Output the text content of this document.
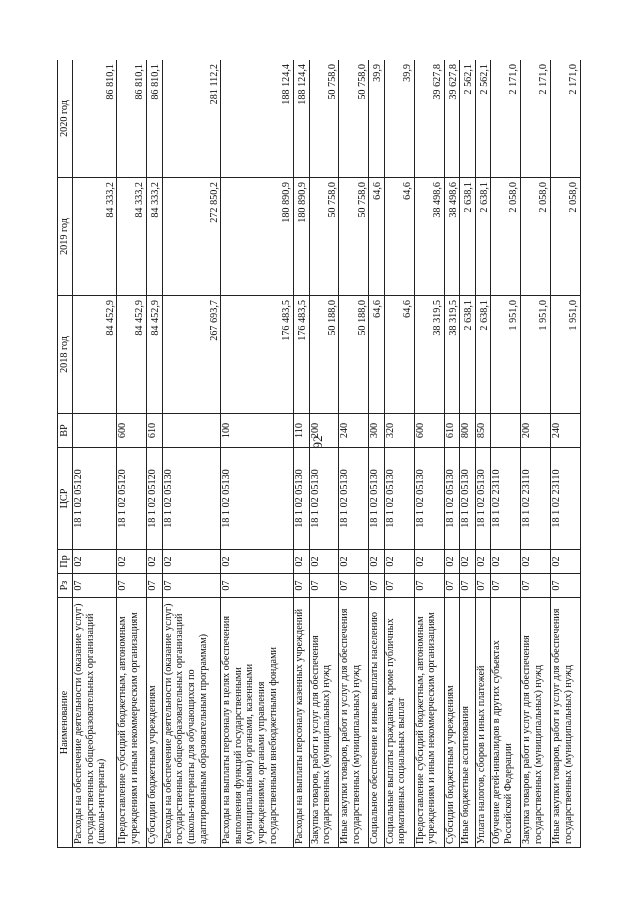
92
Наименование	Рз	Пр	ЦСР	ВР	2018 год	2019 год	2020 год
Расходы на обеспечение деятельности (оказание услуг) государственных общеобразовательных организаций (школы-интернаты)	07	02	18 1 02 05120		84 452,9	84 333,2	86 810,1
Предоставление субсидий бюджетным, автономным учреждениям и иным некоммерческим организациям	07	02	18 1 02 05120	600	84 452,9	84 333,2	86 810,1
Субсидии бюджетным учреждениям	07	02	18 1 02 05120	610	84 452,9	84 333,2	86 810,1
Расходы на обеспечение деятельности (оказание услуг) государственных общеобразовательных организаций (школы-интернаты для обучающихся по адаптированным образовательным программам)	07	02	18 1 02 05130		267 693,7	272 850,2	281 112,2
Расходы на выплаты персоналу в целях обеспечения выполнения функций государственными (муниципальными) органами, казенными учреждениями, органами управления государственными внебюджетными фондами	07	02	18 1 02 05130	100	176 483,5	180 890,9	188 124,4
Расходы на выплаты персоналу казенных учреждений	07	02	18 1 02 05130	110	176 483,5	180 890,9	188 124,4
Закупка товаров, работ и услуг для обеспечения государственных (муниципальных) нужд	07	02	18 1 02 05130	200	50 188,0	50 758,0	50 758,0
Иные закупки товаров, работ и услуг для обеспечения государственных (муниципальных) нужд	07	02	18 1 02 05130	240	50 188,0	50 758,0	50 758,0
Социальное обеспечение и иные выплаты населению	07	02	18 1 02 05130	300	64,6	64,6	39,9
Социальные выплаты гражданам, кроме публичных нормативных социальных выплат	07	02	18 1 02 05130	320	64,6	64,6	39,9
Предоставление субсидий бюджетным, автономным учреждениям и иным некоммерческим организациям	07	02	18 1 02 05130	600	38 319,5	38 498,6	39 627,8
Субсидии бюджетным учреждениям	07	02	18 1 02 05130	610	38 319,5	38 498,6	39 627,8
Иные бюджетные ассигнования	07	02	18 1 02 05130	800	2 638,1	2 638,1	2 562,1
Уплата налогов, сборов и иных платежей	07	02	18 1 02 05130	850	2 638,1	2 638,1	2 562,1
Обучение детей-инвалидов в других субъектах Российской Федерации	07	02	18 1 02 23110		1 951,0	2 058,0	2 171,0
Закупка товаров, работ и услуг для обеспечения государственных (муниципальных) нужд	07	02	18 1 02 23110	200	1 951,0	2 058,0	2 171,0
Иные закупки товаров, работ и услуг для обеспечения государственных (муниципальных) нужд	07	02	18 1 02 23110	240	1 951,0	2 058,0	2 171,0
